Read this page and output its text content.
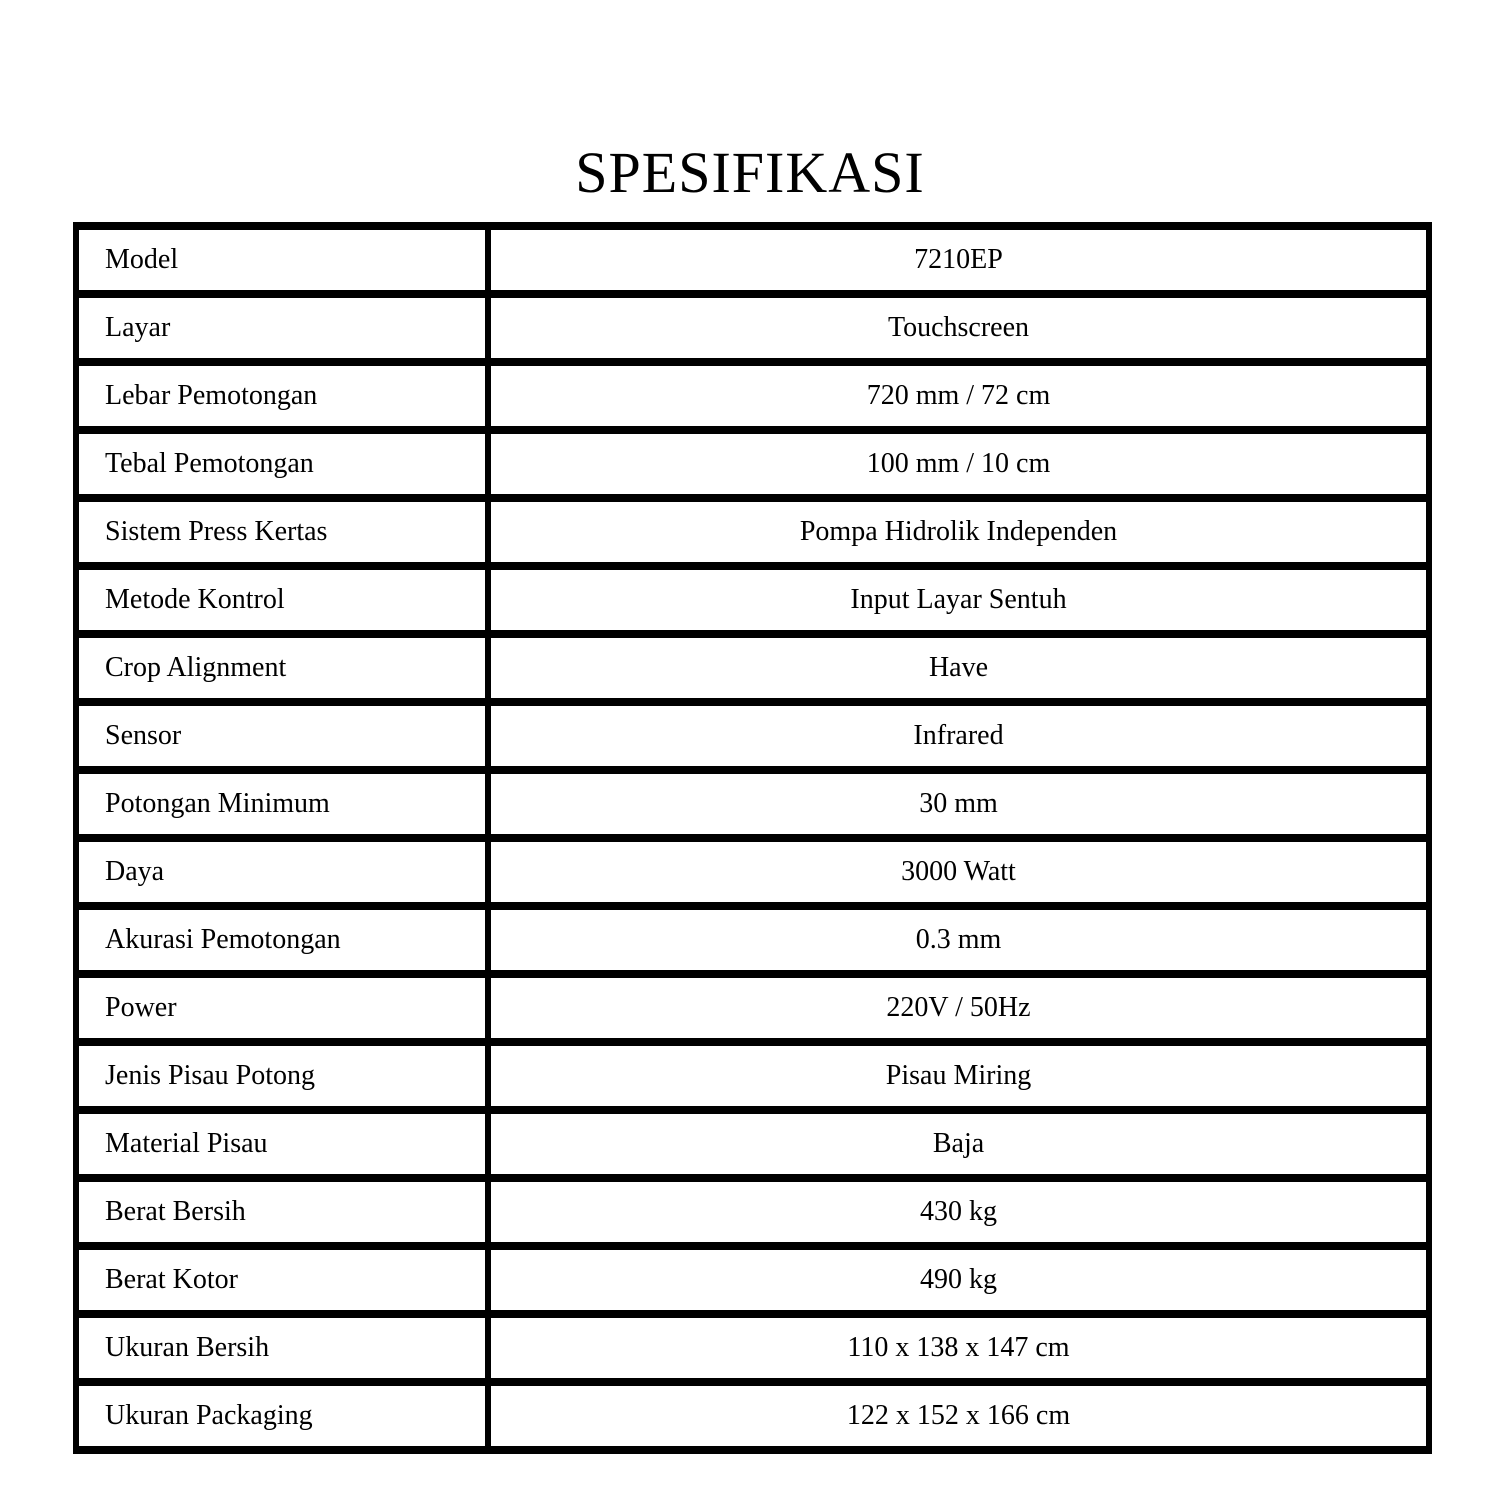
SPESIFIKASI
Model	7210EP
Layar	Touchscreen
Lebar Pemotongan	720 mm / 72 cm
Tebal Pemotongan	100 mm / 10 cm
Sistem Press Kertas	Pompa Hidrolik Independen
Metode Kontrol	Input Layar Sentuh
Crop Alignment	Have
Sensor	Infrared
Potongan Minimum	30 mm
Daya	3000 Watt
Akurasi Pemotongan	0.3 mm
Power	220V / 50Hz
Jenis Pisau Potong	Pisau Miring
Material Pisau	Baja
Berat Bersih	430 kg
Berat Kotor	490 kg
Ukuran Bersih	110 x 138 x 147 cm
Ukuran Packaging	122 x 152 x 166 cm
